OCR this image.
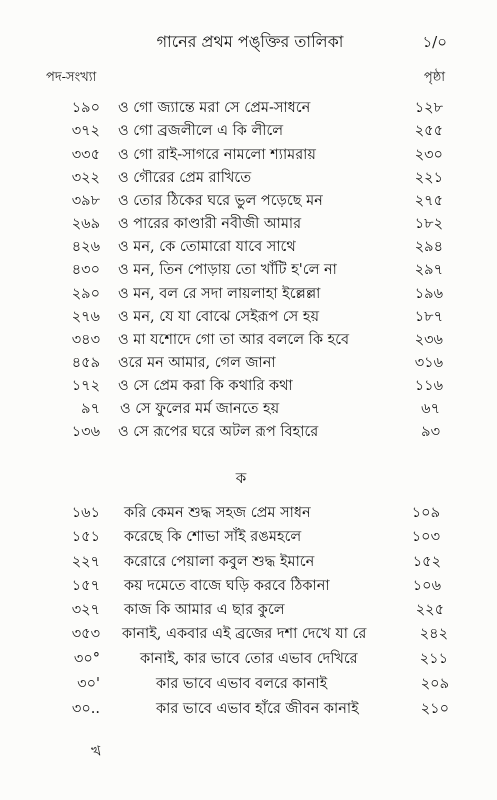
গানের প্রথম পঙ্‌ক্তির তালিকা	১/০
পদ-সংখ্যা	পৃষ্ঠা
১৯০ ও গো জ্যান্তে মরা সে প্রেম-সাধনে	১২৮
৩৭২ ও গো ব্রজলীলে এ কি লীলে	২৫৫
৩৩৫ ও গো রাই-সাগরে নামলো শ্যামরায়	২৩০
৩২২ ও গৌরের প্রেম রাখিতে	২২১
৩৯৮ ও তোর ঠিকের ঘরে ভুল পড়েছে মন	২৭৫
২৬৯ ও পারের কাণ্ডারী নবীজী আমার	১৮২
৪২৬ ও মন, কে তোমারো যাবে সাথে	২৯৪
৪৩০ ও মন, তিন পোড়ায় তো খাঁটি হ'লে না	২৯৭
২৯০ ও মন, বল রে সদা লায়লাহা ইল্লেল্লা	১৯৬
২৭৬ ও মন, যে যা বোঝে সেইরূপ সে হয়	১৮৭
৩৪৩ ও মা যশোদে গো তা আর বললে কি হবে	২৩৬
৪৫৯ ওরে মন আমার, গেল জানা	৩১৬
১৭২ ও সে প্রেম করা কি কথারি কথা	১১৬
৯৭ ও সে ফুলের মর্ম জানতে হয়	৬৭
১৩৬ ও সে রূপের ঘরে অটল রূপ বিহারে	৯৩
ক
১৬১ করি কেমন শুদ্ধ সহজ প্রেম সাধন	১০৯
১৫১ করেছে কি শোভা সাঁই রঙমহলে	১০৩
২২৭ করোরে পেয়ালা কবুল শুদ্ধ ইমানে	১৫২
১৫৭ কয় দমেতে বাজে ঘড়ি করবে ঠিকানা	১০৬
৩২৭ কাজ কি আমার এ ছার কুলে	২২৫
৩৫৩ কানাই, একবার এই ব্রজের দশা দেখে যা রে	২৪২
৩০°	কানাই, কার ভাবে তোর এভাব দেখিরে	২১১
৩০'	কার ভাবে এভাব বলরে কানাই	২০৯
৩০..	কার ভাবে এভাব হাঁরে জীবন কানাই	২১০
খ
